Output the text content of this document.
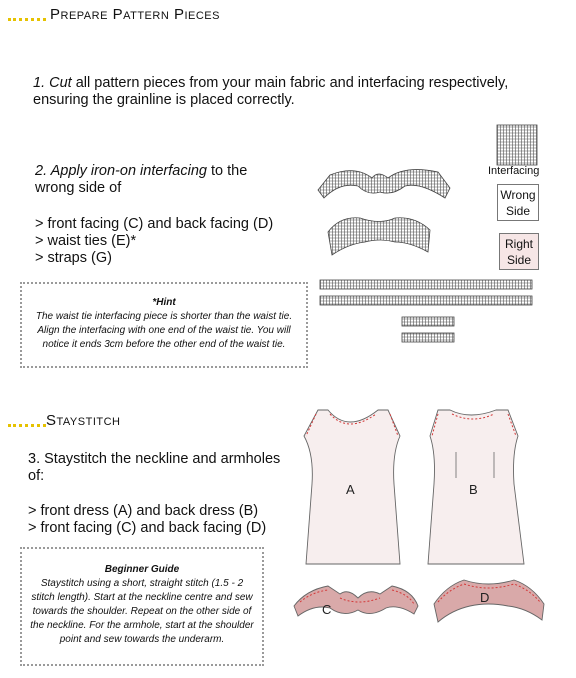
Prepare Pattern Pieces
1. Cut all pattern pieces from your main fabric and interfacing respectively,
ensuring the grainline is placed correctly.
2. Apply iron-on interfacing to the
wrong side of
> front facing (C) and back facing (D)
> waist ties (E)*
> straps (G)
*Hint
The waist tie interfacing piece is shorter than the waist tie.
Align the interfacing with one end of the waist tie. You will
notice it ends 3cm before the other end of the waist tie.
Interfacing
Wrong
Side
Right
Side
Staystitch
3. Staystitch the neckline and armholes
of:
> front dress (A) and back dress (B)
> front facing (C) and back facing (D)
Beginner Guide
Staystitch using a short, straight stitch (1.5 - 2
stitch length). Start at the neckline centre and sew
towards the shoulder. Repeat on the other side of
the neckline. For the armhole, start at the shoulder
point and sew towards the underarm.
A	B
C
D
